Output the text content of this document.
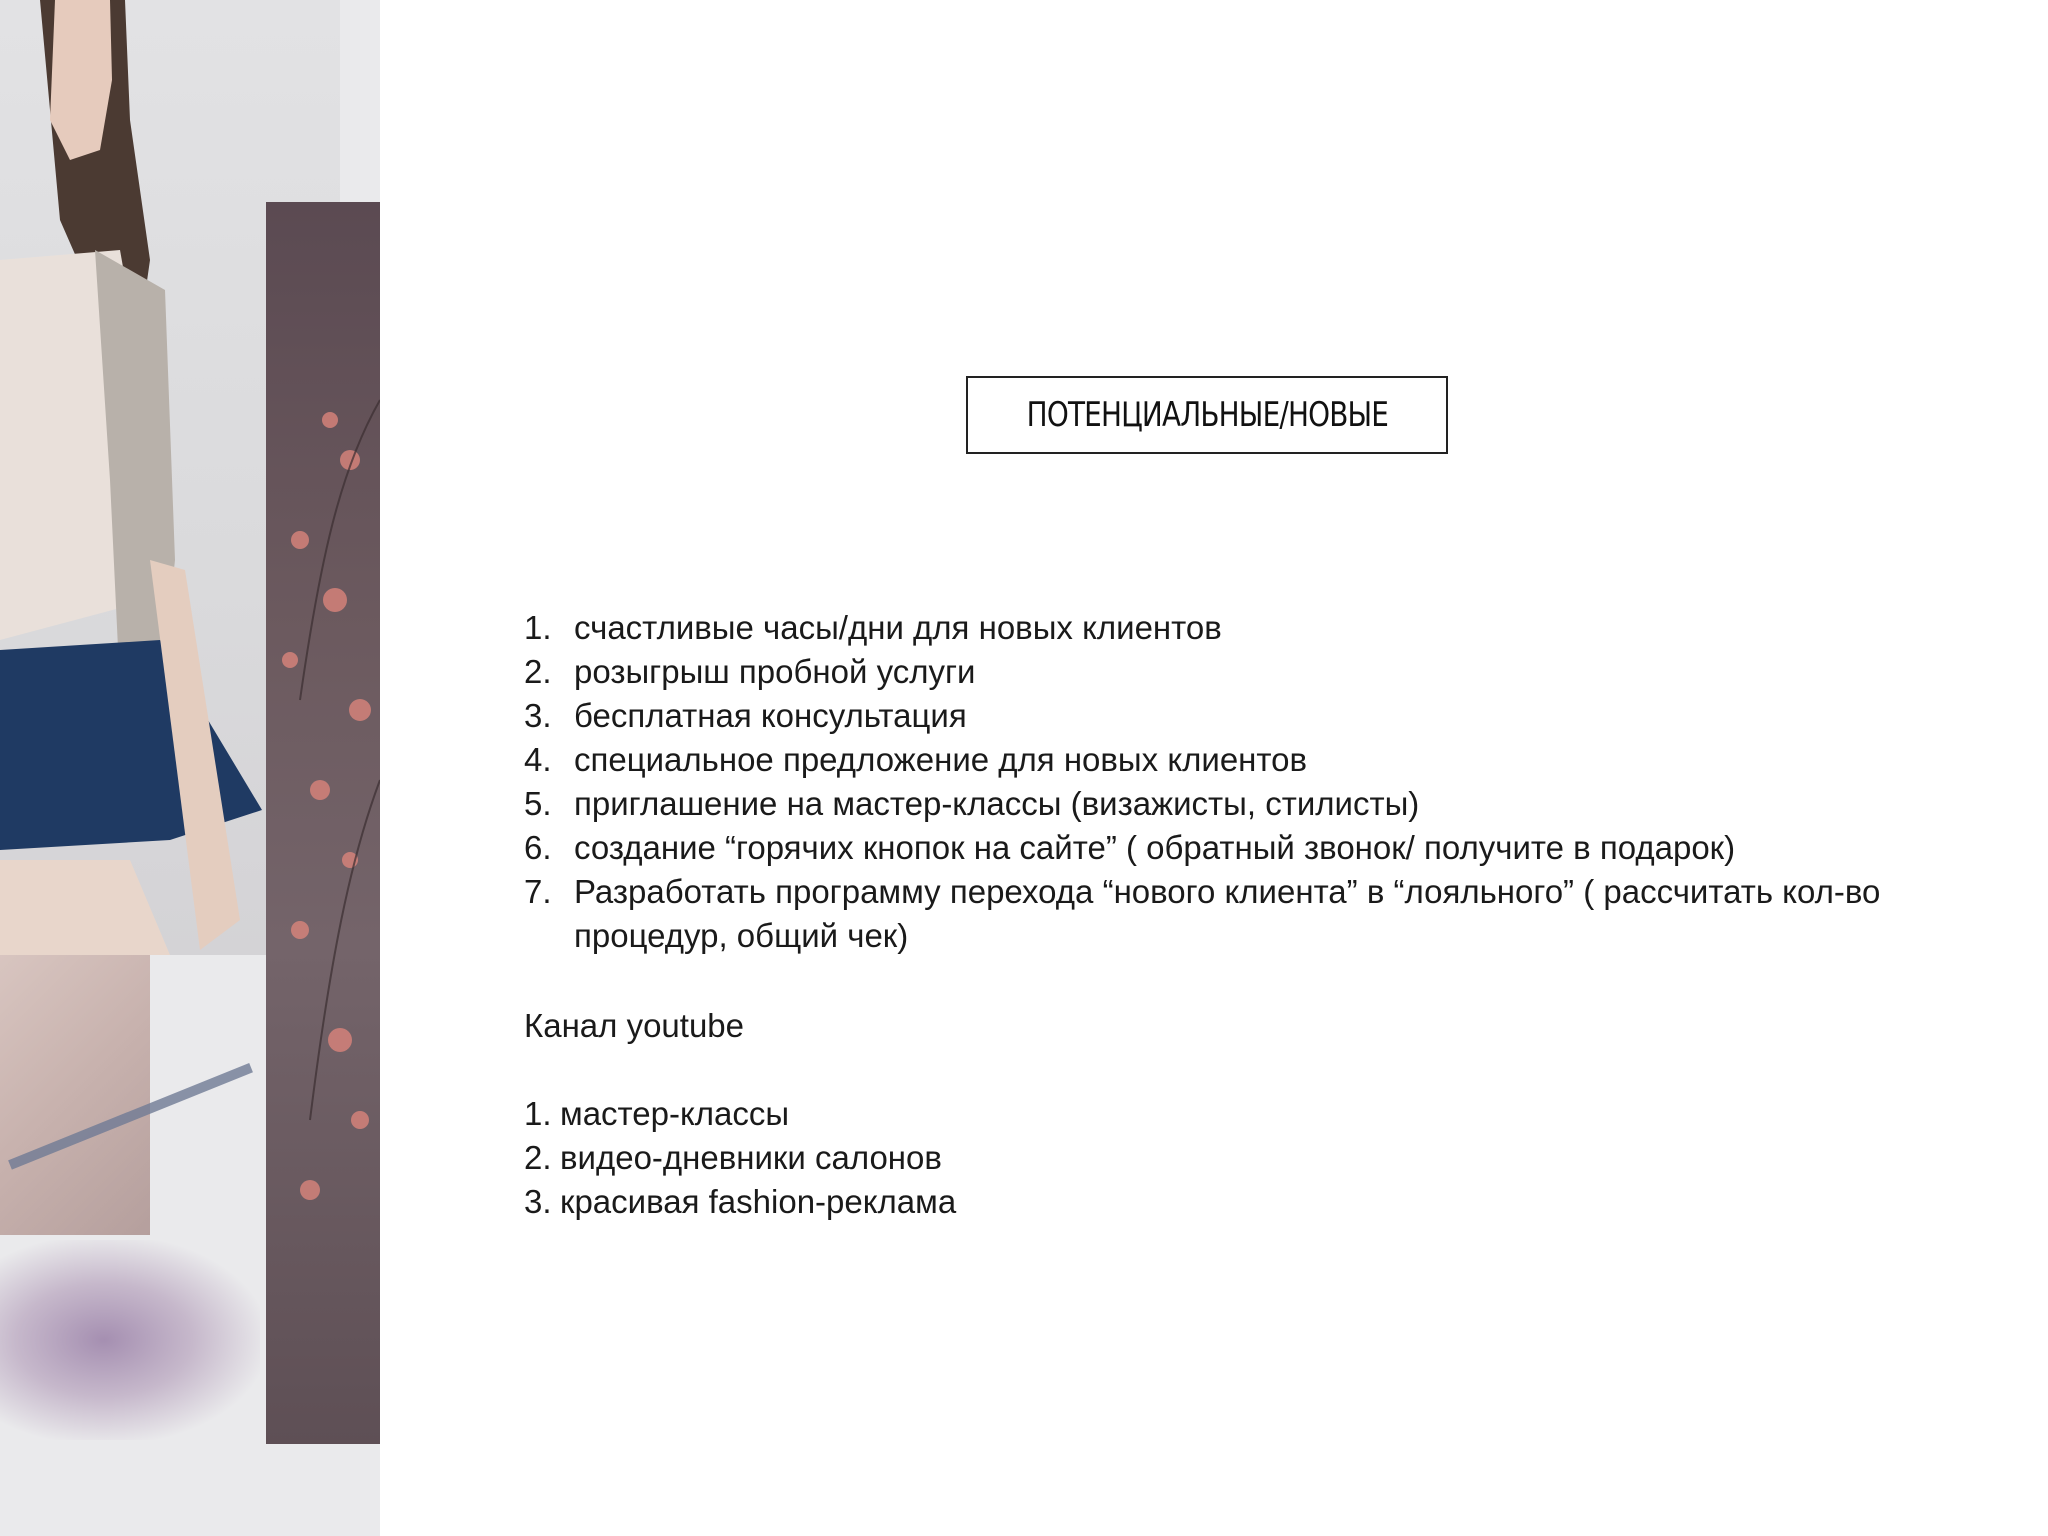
ПОТЕНЦИАЛЬНЫЕ/НОВЫЕ
1. счастливые часы/дни для новых клиентов
2. розыгрыш пробной услуги
3. бесплатная консультация
4. специальное предложение для новых клиентов
5. приглашение на мастер-классы (визажисты, стилисты)
6. создание “горячих кнопок на сайте” ( обратный звонок/ получите в подарок)
7. Разработать программу перехода “нового клиента” в “лояльного” ( рассчитать кол-во процедур, общий чек)
Канал youtube
1. мастер-классы
2. видео-дневники салонов
3. красивая fashion-реклама
